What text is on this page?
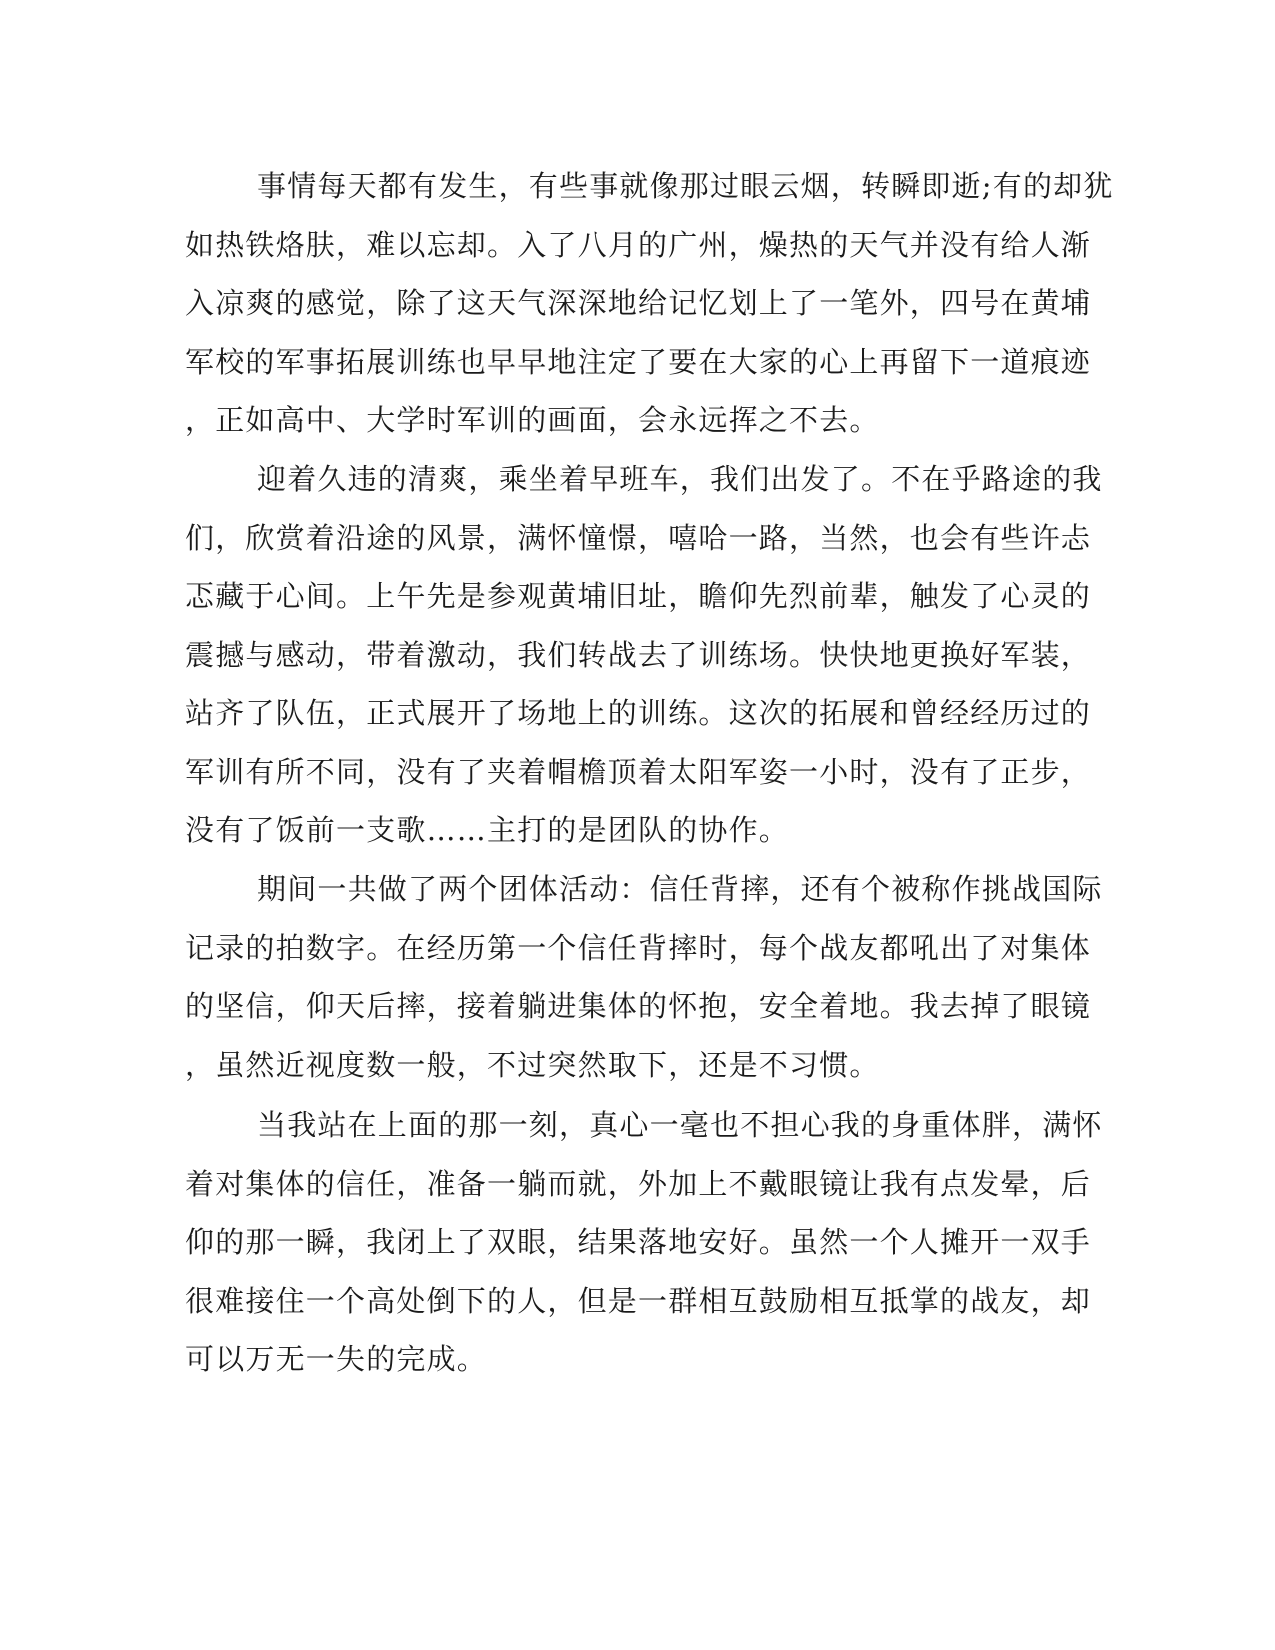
事情每天都有发生，有些事就像那过眼云烟，转瞬即逝;有的却犹
如热铁烙肤，难以忘却。入了八月的广州，燥热的天气并没有给人渐
入凉爽的感觉，除了这天气深深地给记忆划上了一笔外，四号在黄埔
军校的军事拓展训练也早早地注定了要在大家的心上再留下一道痕迹
，正如高中、大学时军训的画面，会永远挥之不去。
迎着久违的清爽，乘坐着早班车，我们出发了。不在乎路途的我
们，欣赏着沿途的风景，满怀憧憬，嘻哈一路，当然，也会有些许忐
忑藏于心间。上午先是参观黄埔旧址，瞻仰先烈前辈，触发了心灵的
震撼与感动，带着激动，我们转战去了训练场。快快地更换好军装，
站齐了队伍，正式展开了场地上的训练。这次的拓展和曾经经历过的
军训有所不同，没有了夹着帽檐顶着太阳军姿一小时，没有了正步，
没有了饭前一支歌……主打的是团队的协作。
期间一共做了两个团体活动：信任背摔，还有个被称作挑战国际
记录的拍数字。在经历第一个信任背摔时，每个战友都吼出了对集体
的坚信，仰天后摔，接着躺进集体的怀抱，安全着地。我去掉了眼镜
，虽然近视度数一般，不过突然取下，还是不习惯。
当我站在上面的那一刻，真心一毫也不担心我的身重体胖，满怀
着对集体的信任，准备一躺而就，外加上不戴眼镜让我有点发晕，后
仰的那一瞬，我闭上了双眼，结果落地安好。虽然一个人摊开一双手
很难接住一个高处倒下的人，但是一群相互鼓励相互抵掌的战友，却
可以万无一失的完成。
